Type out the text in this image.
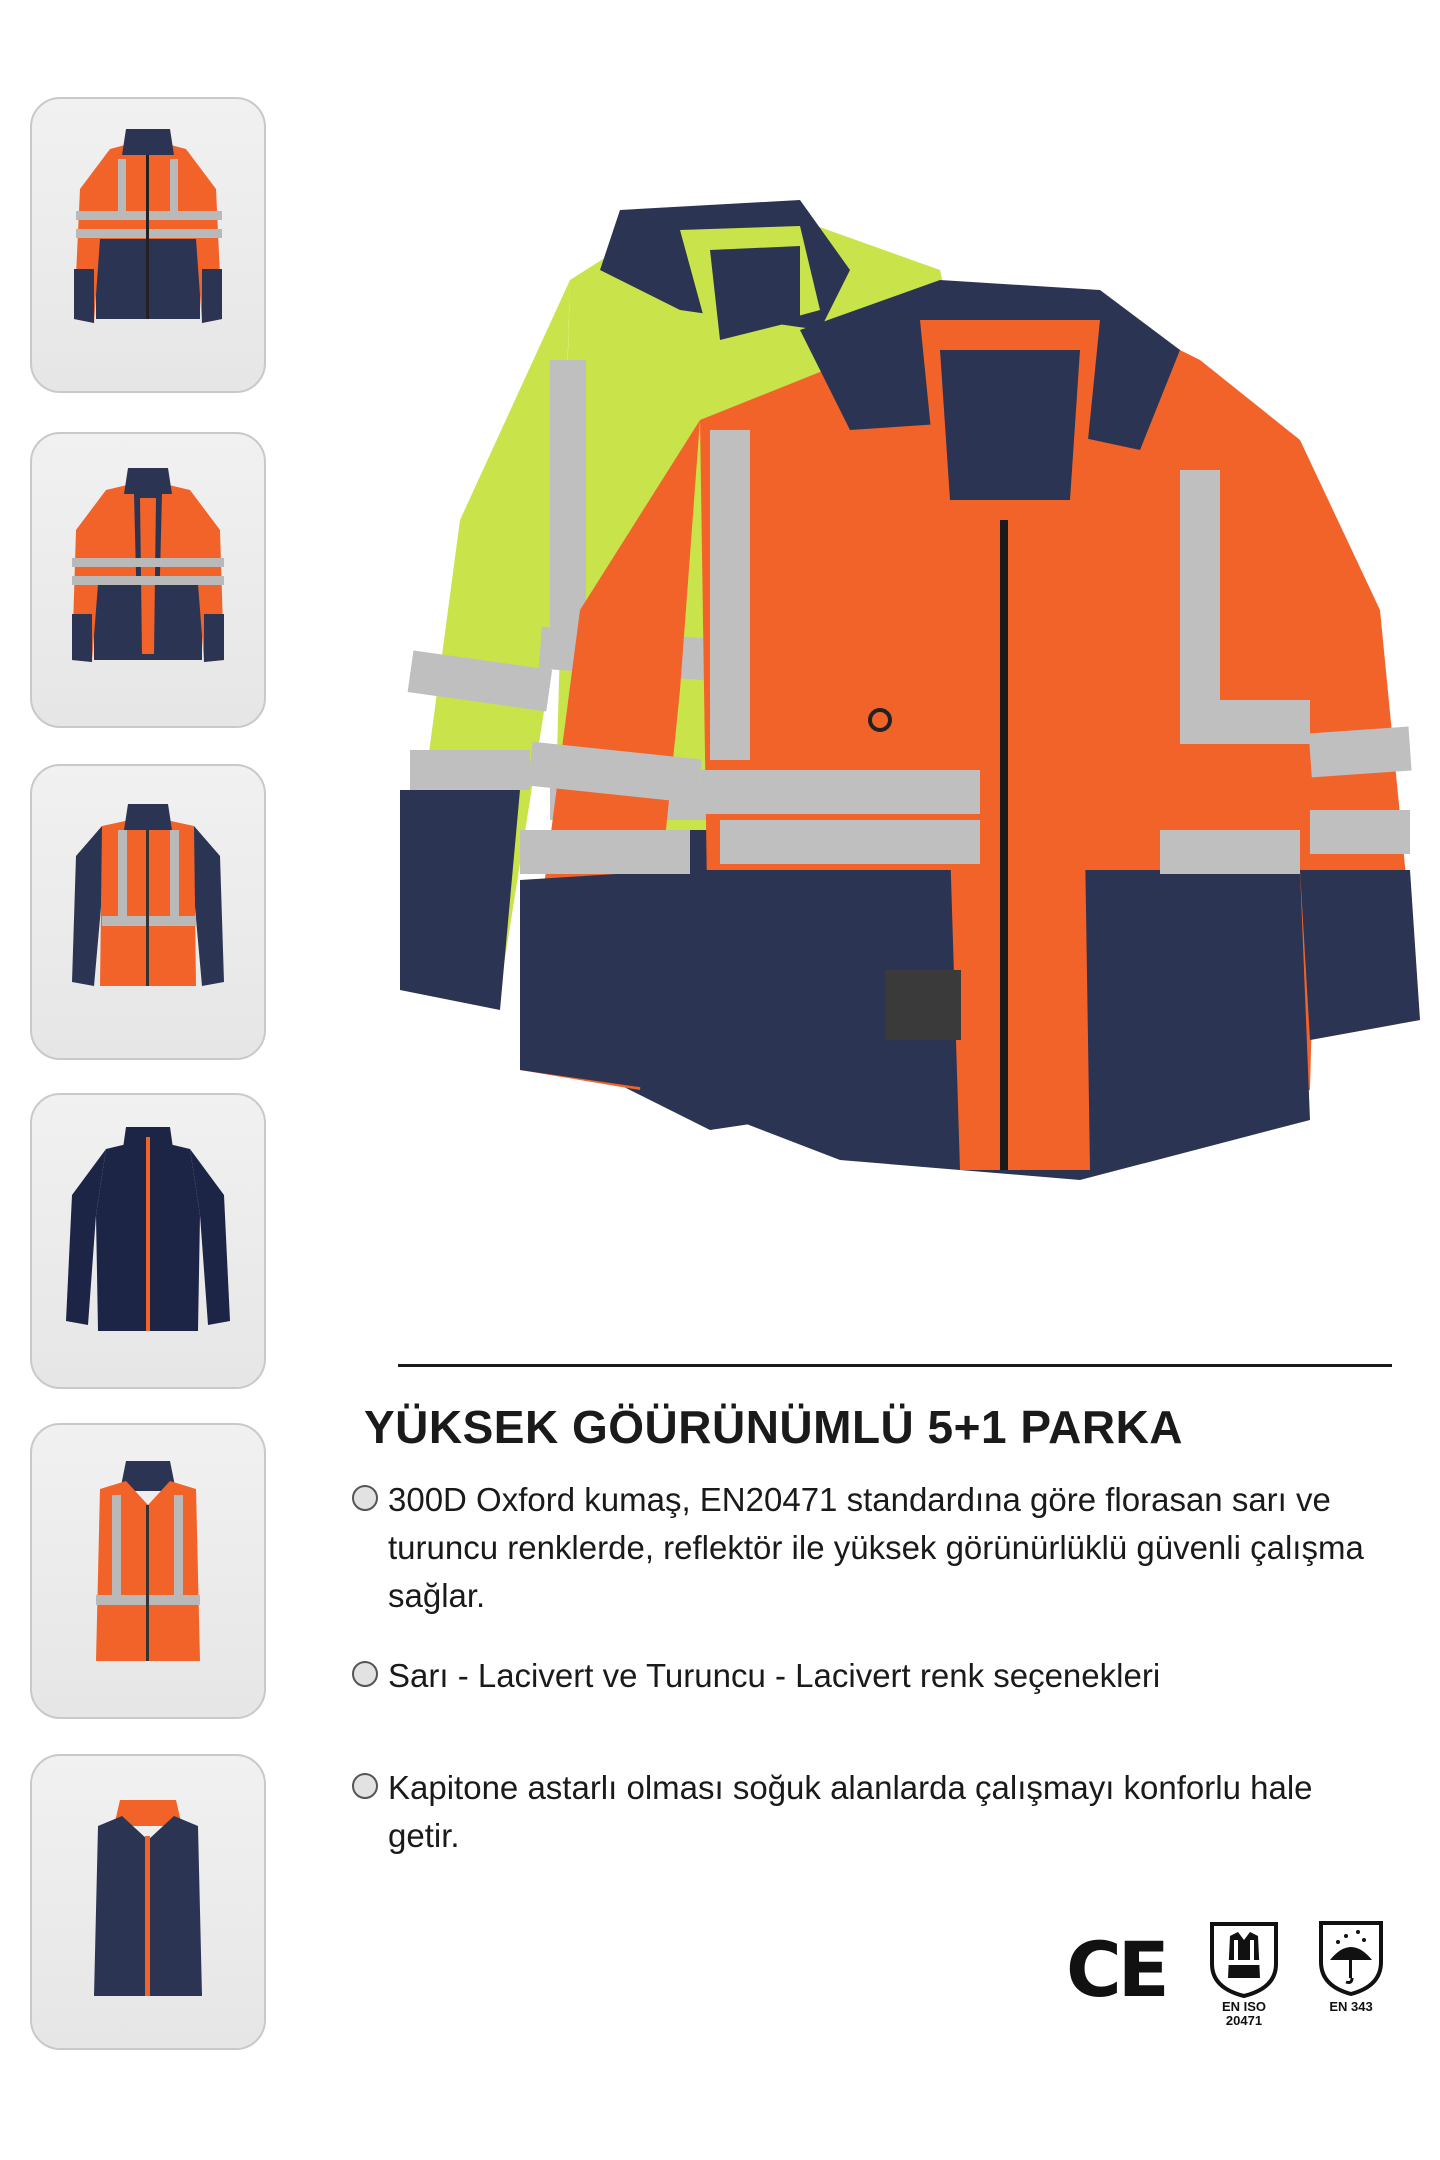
YÜKSEK GÖÜRÜNÜMLÜ 5+1 PARKA
300D Oxford kumaş, EN20471 standardına göre florasan sarı ve turuncu renklerde, reflektör ile yüksek görünürlüklü güvenli çalışma sağlar.
Sarı - Lacivert ve Turuncu - Lacivert renk seçenekleri
Kapitone astarlı olması soğuk alanlarda çalışmayı konforlu hale getir.
CE	EN ISO
20471
EN 343
